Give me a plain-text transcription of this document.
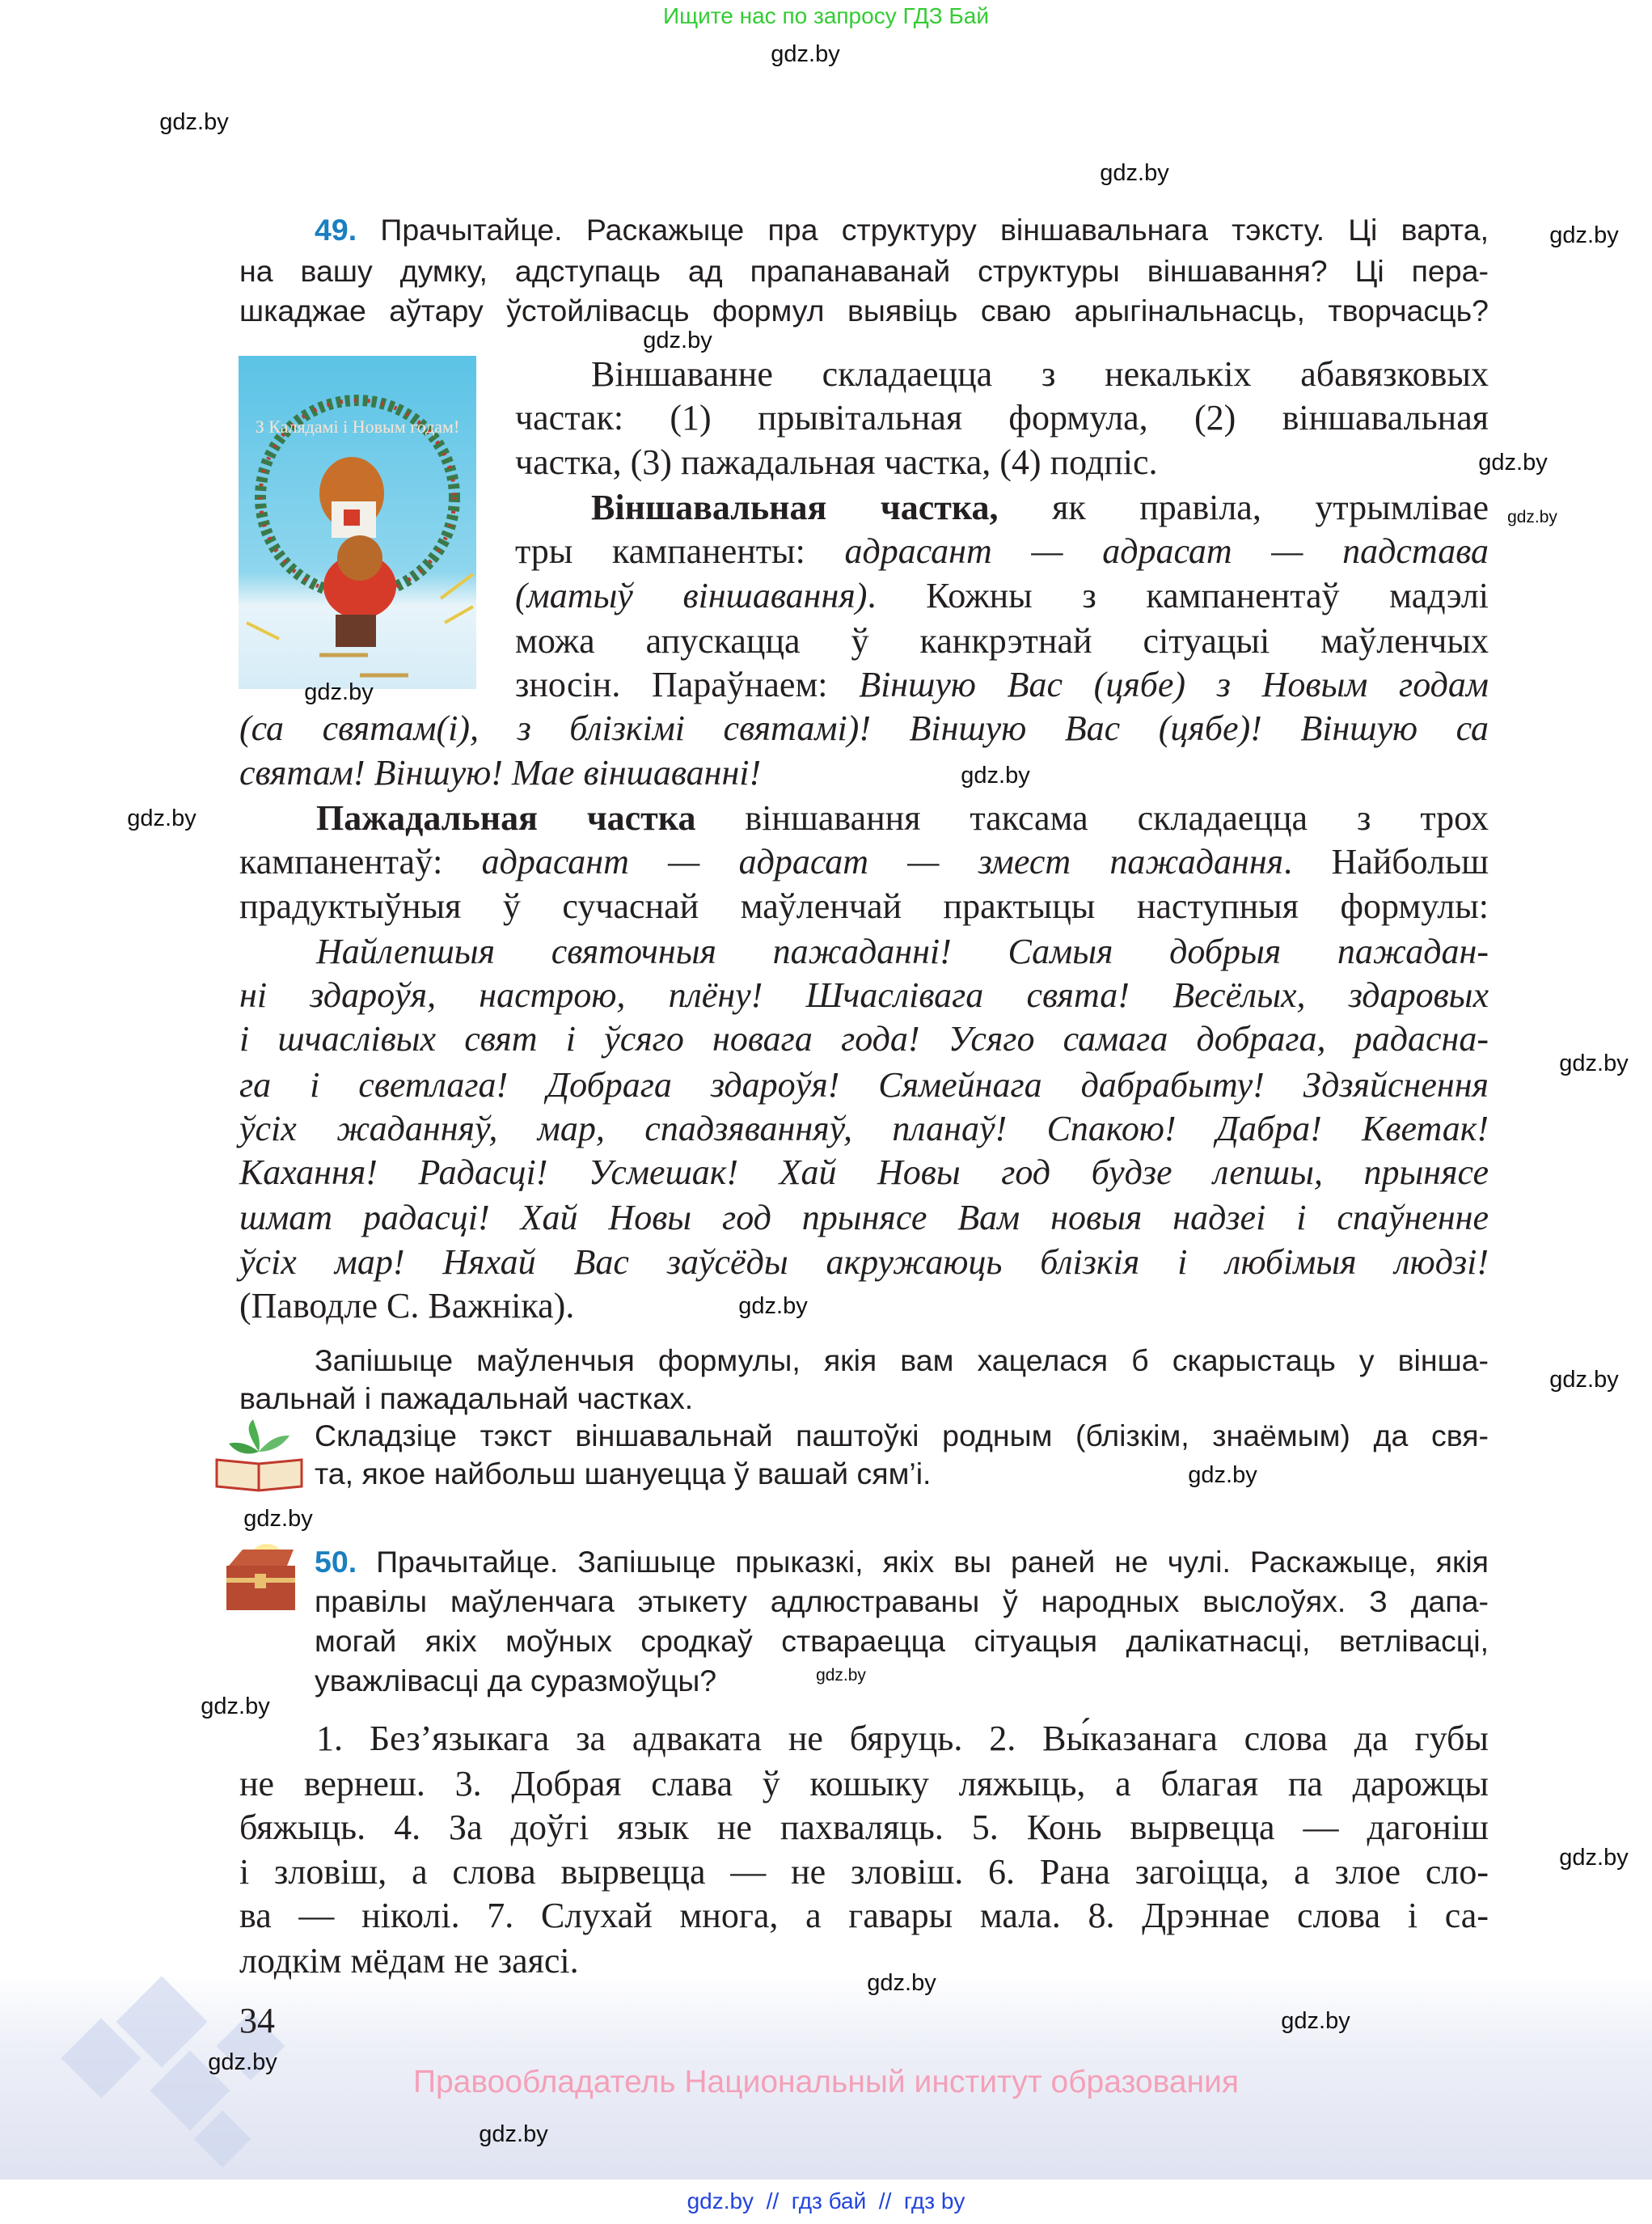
Ищите нас по запросу ГДЗ Бай
З Калядамі і Новым годам!
49. Прачытайце. Раскажыце пра структуру віншавальнага тэксту. Ці варта,
на вашу думку, адступаць ад прапанаванай структуры віншавання? Ці пера-
шкаджае аўтару ўстойлівасць формул выявіць сваю арыгінальнасць, творчасць?
Віншаванне складаецца з некалькіх абавязковых
частак: (1) прывітальная формула, (2) віншавальная
частка, (3) пажадальная частка, (4) подпіс.
Віншавальная частка, як правіла, утрымлівае
тры кампаненты: адрасант — адрасат — падстава
(матыў віншавання). Кожны з кампанентаў мадэлі
можа апускацца ў канкрэтнай сітуацыі маўленчых
зносін. Параўнаем: Віншую Вас (цябе) з Новым годам
(са святам(і), з блізкімі святамі)! Віншую Вас (цябе)! Віншую са
святам! Віншую! Мае віншаванні!
Пажадальная частка віншавання таксама складаецца з трох
кампанентаў: адрасант — адрасат — змест пажадання. Найбольш
прадуктыўныя ў сучаснай маўленчай практыцы наступныя формулы:
Найлепшыя святочныя пажаданні! Самыя добрыя пажадан-
ні здароўя, настрою, плёну! Шчаслівага свята! Весёлых, здаровых
і шчаслівых свят і ўсяго новага года! Усяго самага добрага, радасна-
га і светлага! Добрага здароўя! Сямейнага дабрабыту! Здзяйснення
ўсіх жаданняў, мар, спадзяванняў, планаў! Спакою! Дабра! Кветак!
Кахання! Радасці! Усмешак! Хай Новы год будзе лепшы, прынясе
шмат радасці! Хай Новы год прынясе Вам новыя надзеі і спаўненне
ўсіх мар! Няхай Вас заўсёды акружаюць блізкія і любімыя людзі!
(Паводле С. Важніка).
Запішыце маўленчыя формулы, якія вам хацелася б скарыстаць у вінша-
вальнай і пажадальнай частках.
Складзіце тэкст віншавальнай паштоўкі родным (блізкім, знаёмым) да свя-
та, якое найбольш шануецца ў вашай сям’і.
50. Прачытайце. Запішыце прыказкі, якіх вы раней не чулі. Раскажыце, якія
правілы маўленчага этыкету адлюстраваны ў народных выслоўях. З дапа-
могай якіх моўных сродкаў ствараецца сітуацыя далікатнасці, ветлівасці,
уважлівасці да суразмоўцы?
1. Без’языкага за адваката не бяруць. 2. Вы́казанага слова да губы
не вернеш. 3. Добрая слава ў кошыку ляжыць, а благая па дарожцы
бяжыць. 4. За доўгі язык не пахваляць. 5. Конь вырвецца — дагоніш
і зловіш, а слова вырвецца — не зловіш. 6. Рана загоіцца, а злое сло-
ва — ніколі. 7. Слухай многа, а гавары мала. 8. Дрэннае слова і са-
лодкім мёдам не заясі.
gdz.by
gdz.by
gdz.by
gdz.by
gdz.by
gdz.by
gdz.by
gdz.by
gdz.by
gdz.by
gdz.by
gdz.by
gdz.by
gdz.by
gdz.by
gdz.by
gdz.by
gdz.by
gdz.by
gdz.by
gdz.by
gdz.by
34
Правообладатель Национальный институт образования
gdz.by  //  гдз бай  //  гдз by
